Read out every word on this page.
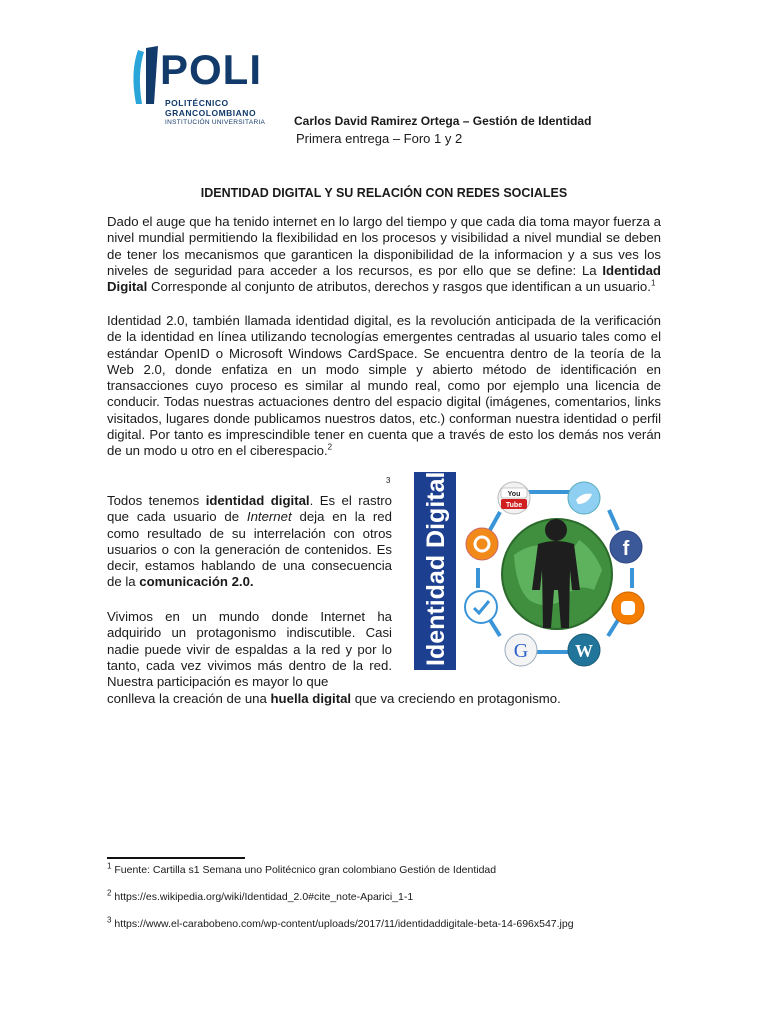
POLI
POLITÉCNICO
GRANCOLOMBIANO
INSTITUCIÓN UNIVERSITARIA Carlos David Ramirez Ortega – Gestión de Identidad
Primera entrega – Foro 1 y 2
IDENTIDAD DIGITAL Y SU RELACIÓN CON REDES SOCIALES
Dado el auge que ha tenido internet en lo largo del tiempo y que cada dia toma mayor fuerza a nivel mundial permitiendo la flexibilidad en los procesos y visibilidad a nivel mundial se deben de tener los mecanismos que garanticen la disponibilidad de la informacion y a sus ves los niveles de seguridad para acceder a los recursos, es por ello que se define: La Identidad Digital Corresponde al conjunto de atributos, derechos y rasgos que identifican a un usuario.$^1$
Identidad 2.0, también llamada identidad digital, es la revolución anticipada de la verificación de la identidad en línea utilizando tecnologías emergentes centradas al usuario tales como el estándar OpenID o Microsoft Windows CardSpace. Se encuentra dentro de la teoría de la Web 2.0, donde enfatiza en un modo simple y abierto método de identificación en transacciones cuyo proceso es similar al mundo real, como por ejemplo una licencia de conducir. Todas nuestras actuaciones dentro del espacio digital (imágenes, comentarios, links visitados, lugares donde publicamos nuestros datos, etc.) conforman nuestra identidad o perfil digital. Por tanto es imprescindible tener en cuenta que a través de esto los demás nos verán de un modo u otro en el ciberespacio.$^2$
3
Todos tenemos identidad digital. Es el rastro que cada usuario de Internet deja en la red como resultado de su interrelación con otros usuarios o con la generación de contenidos. Es decir, estamos hablando de una consecuencia de la comunicación 2.0.
Vivimos en un mundo donde Internet ha adquirido un protagonismo indiscutible. Casi nadie puede vivir de espaldas a la red y por lo tanto, cada vez vivimos más dentro de la red. Nuestra participación es mayor lo que
conlleva la creación de una huella digital que va creciendo en protagonismo.
Identidad Digital	You
Tube
f
W
G
$^1$ Fuente: Cartilla s1 Semana uno Politécnico gran colombiano Gestión de Identidad
$^2$ https://es.wikipedia.org/wiki/Identidad_2.0#cite_note-Aparici_1-1
$^3$ https://www.el-carabobeno.com/wp-content/uploads/2017/11/identidaddigitale-beta-14-696x547.jpg
